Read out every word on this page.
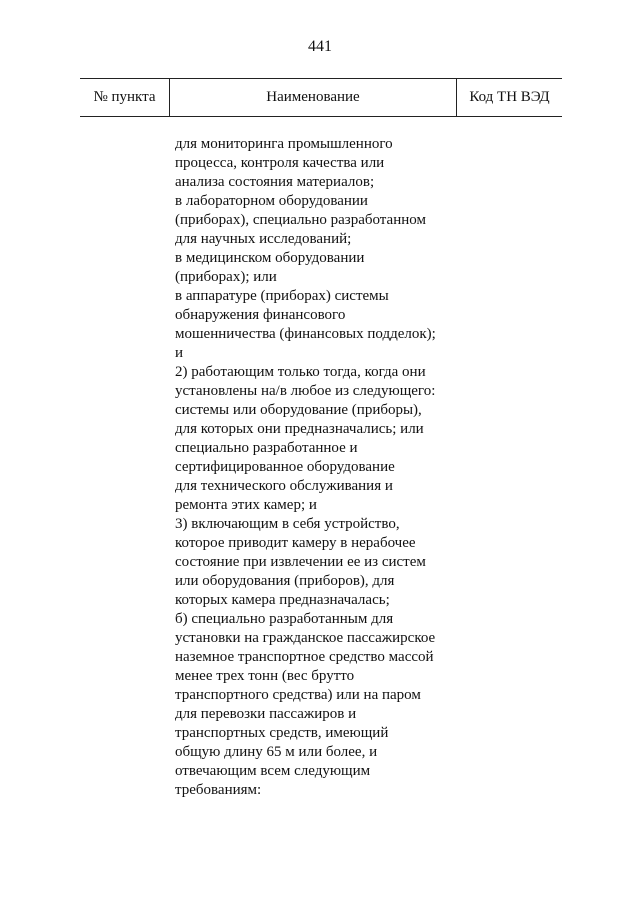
441
№ пункта	Наименование	Код ТН ВЭД
для мониторинга промышленного
процесса, контроля качества или
анализа состояния материалов;
в лабораторном оборудовании
(приборах), специально разработанном
для научных исследований;
в медицинском оборудовании
(приборах); или
в аппаратуре (приборах) системы
обнаружения финансового
мошенничества (финансовых подделок);
и
2) работающим только тогда, когда они
установлены на/в любое из следующего:
системы или оборудование (приборы),
для которых они предназначались; или
специально разработанное и
сертифицированное оборудование
для технического обслуживания и
ремонта этих камер; и
3) включающим в себя устройство,
которое приводит камеру в нерабочее
состояние при извлечении ее из систем
или оборудования (приборов), для
которых камера предназначалась;
б) специально разработанным для
установки на гражданское пассажирское
наземное транспортное средство массой
менее трех тонн (вес брутто
транспортного средства) или на паром
для перевозки пассажиров и
транспортных средств, имеющий
общую длину 65 м или более, и
отвечающим всем следующим
требованиям:
